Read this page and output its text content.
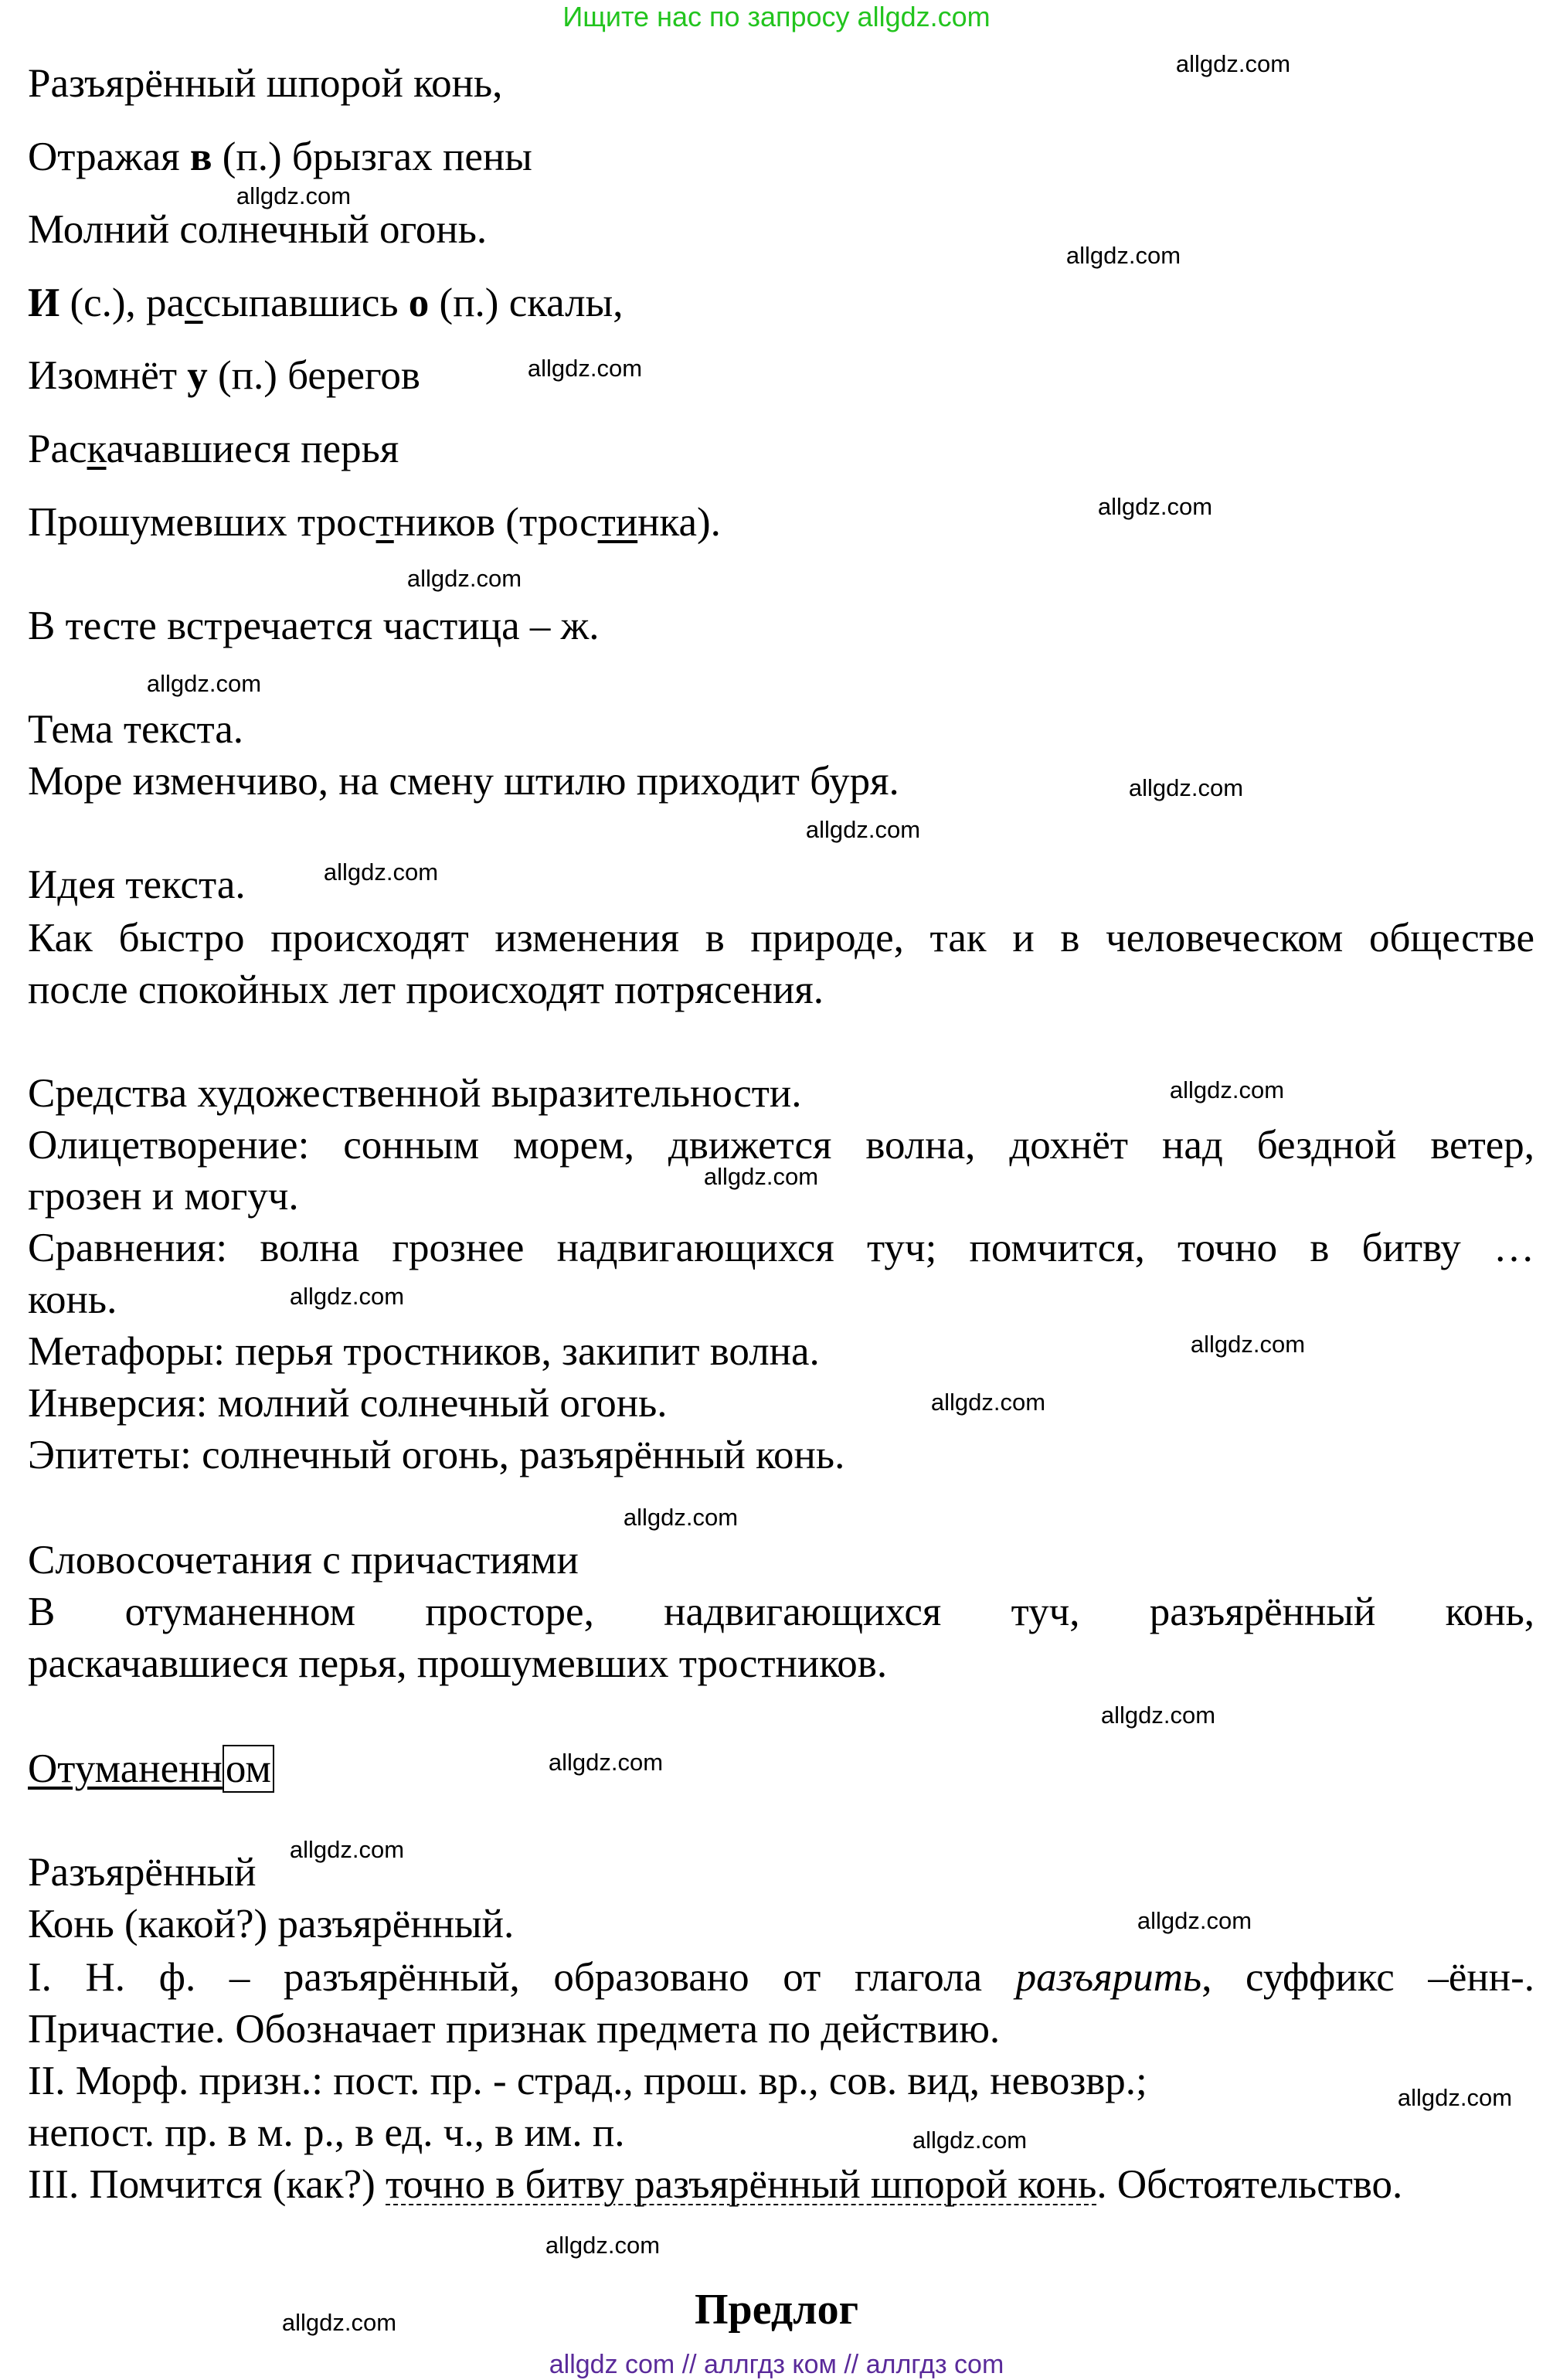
Ищите нас по запросу allgdz.com
Разъярённый шпорой конь,
Отражая в (п.) брызгах пены
Молний солнечный огонь.
И (с.), рассыпавшись о (п.) скалы,
Изомнёт у (п.) берегов
Раскачавшиеся перья
Прошумевших тростников (тростинка).
В тесте встречается частица – ж.
Тема текста.
Море изменчиво, на смену штилю приходит буря.
Идея текста.
Как быстро происходят изменения в природе, так и в человеческом обществе
после спокойных лет происходят потрясения.
Средства художественной выразительности.
Олицетворение: сонным морем, движется волна, дохнёт над бездной ветер,
грозен и могуч.
Сравнения: волна грознее надвигающихся туч; помчится, точно в битву …
конь.
Метафоры: перья тростников, закипит волна.
Инверсия: молний солнечный огонь.
Эпитеты: солнечный огонь, разъярённый конь.
Словосочетания с причастиями
В отуманенном просторе, надвигающихся туч, разъярённый конь,
раскачавшиеся перья, прошумевших тростников.
Отуманенном
Разъярённый
Конь (какой?) разъярённый.
I. Н. ф. – разъярённый, образовано от глагола разъярить, суффикс –ённ-.
Причастие. Обозначает признак предмета по действию.
II. Морф. призн.: пост. пр. - страд., прош. вр., сов. вид, невозвр.;
непост. пр. в м. р., в ед. ч., в им. п.
III. Помчится (как?) точно в битву разъярённый шпорой конь. Обстоятельство.
Предлог
allgdz.com
allgdz.com
allgdz.com
allgdz.com
allgdz.com
allgdz.com
allgdz.com
allgdz.com
allgdz.com
allgdz.com
allgdz.com
allgdz.com
allgdz.com
allgdz.com
allgdz.com
allgdz.com
allgdz.com
allgdz.com
allgdz.com
allgdz.com
allgdz.com
allgdz.com
allgdz.com
allgdz.com
allgdz com // аллгдз ком // аллгдз com
